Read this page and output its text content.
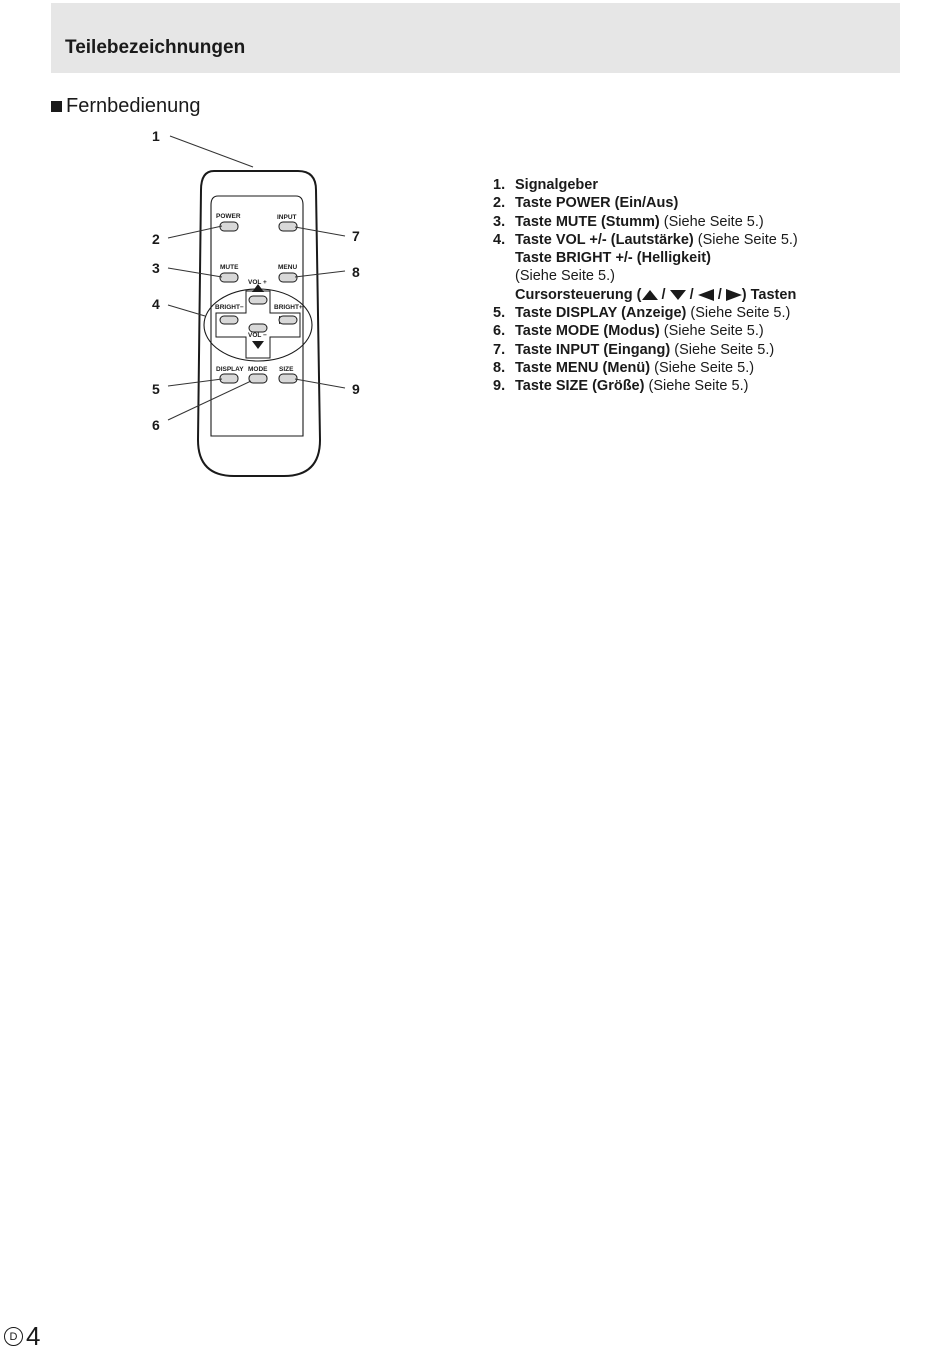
Teilebezeichnungen
Fernbedienung
POWER	INPUT
MUTE	MENU
VOL +
BRIGHT−	BRIGHT+
VOL −
DISPLAY MODE SIZE
1
2
3
4
5
6
7
8
9
1. Signalgeber
2. Taste POWER (Ein/Aus)
3. Taste MUTE (Stumm) (Siehe Seite 5.)
4. Taste VOL +/- (Lautstärke) (Siehe Seite 5.)
Taste BRIGHT +/- (Helligkeit)
(Siehe Seite 5.)
Cursorsteuerung ( / / / ) Tasten
5. Taste DISPLAY (Anzeige) (Siehe Seite 5.)
6. Taste MODE (Modus) (Siehe Seite 5.)
7. Taste INPUT (Eingang) (Siehe Seite 5.)
8. Taste MENU (Menü) (Siehe Seite 5.)
9. Taste SIZE (Größe) (Siehe Seite 5.)
D 4
